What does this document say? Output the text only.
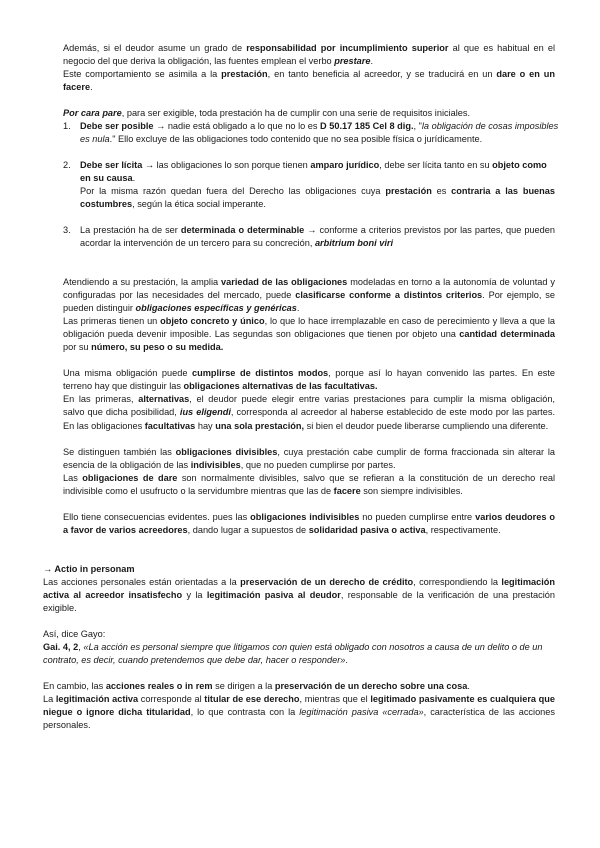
Además, si el deudor asume un grado de responsabilidad por incumplimiento superior al que es habitual en el
negocio del que deriva la obligación, las fuentes emplean el verbo prestare.
Este comportamiento se asimila a la prestación, en tanto beneficia al acreedor, y se traducirá en un dare o en un
facere.
Por cara pare, para ser exigible, toda prestación ha de cumplir con una serie de requisitos iniciales.
1. Debe ser posible → nadie está obligado a lo que no lo es D 50.17 185 Cel 8 dig., "la obligación de cosas imposibles
es nula." Ello excluye de las obligaciones todo contenido que no sea posible física o jurídicamente.
2. Debe ser lícita → las obligaciones lo son porque tienen amparo jurídico, debe ser lícita tanto en su objeto como
en su causa.
Por la misma razón quedan fuera del Derecho las obligaciones cuya prestación es contraria a las buenas
costumbres, según la ética social imperante.
3. La prestación ha de ser determinada o determinable → conforme a criterios previstos por las partes, que pueden
acordar la intervención de un tercero para su concreción, arbitrium boni viri
Atendiendo a su prestación, la amplia variedad de las obligaciones modeladas en torno a la autonomía de voluntad y
configuradas por las necesidades del mercado, puede clasificarse conforme a distintos criterios. Por ejemplo, se
pueden distinguir obligaciones específicas y genéricas.
Las primeras tienen un objeto concreto y único, lo que lo hace irremplazable en caso de perecimiento y lleva a que la
obligación pueda devenir imposible. Las segundas son obligaciones que tienen por objeto una cantidad determinada
por su número, su peso o su medida.
Una misma obligación puede cumplirse de distintos modos, porque así lo hayan convenido las partes. En este
terreno hay que distinguir las obligaciones alternativas de las facultativas.
En las primeras, alternativas, el deudor puede elegir entre varias prestaciones para cumplir la misma obligación,
salvo que dicha posibilidad, ius eligendi, corresponda al acreedor al haberse establecido de este modo por las partes.
En las obligaciones facultativas hay una sola prestación, si bien el deudor puede liberarse cumpliendo una diferente.
Se distinguen también las obligaciones divisibles, cuya prestación cabe cumplir de forma fraccionada sin alterar la
esencia de la obligación de las indivisibles, que no pueden cumplirse por partes.
Las obligaciones de dare son normalmente divisibles, salvo que se refieran a la constitución de un derecho real
indivisible como el usufructo o la servidumbre mientras que las de facere son siempre indivisibles.
Ello tiene consecuencias evidentes. pues las obligaciones indivisibles no pueden cumplirse entre varios deudores o
a favor de varios acreedores, dando lugar a supuestos de solidaridad pasiva o activa, respectivamente.
→ Actio in personam
Las acciones personales están orientadas a la preservación de un derecho de crédito, correspondiendo la legitimación
activa al acreedor insatisfecho y la legitimación pasiva al deudor, responsable de la verificación de una prestación
exigible.
Así, dice Gayo:
Gai. 4, 2, «La acción es personal siempre que litigamos con quien está obligado con nosotros a causa de un delito o de un
contrato, es decir, cuando pretendemos que debe dar, hacer o responder».
En cambio, las acciones reales o in rem se dirigen a la preservación de un derecho sobre una cosa.
La legitimación activa corresponde al titular de ese derecho, mientras que el legitimado pasivamente es cualquiera que
niegue o ignore dicha titularidad, lo que contrasta con la legitimación pasiva «cerrada», característica de las acciones
personales.
